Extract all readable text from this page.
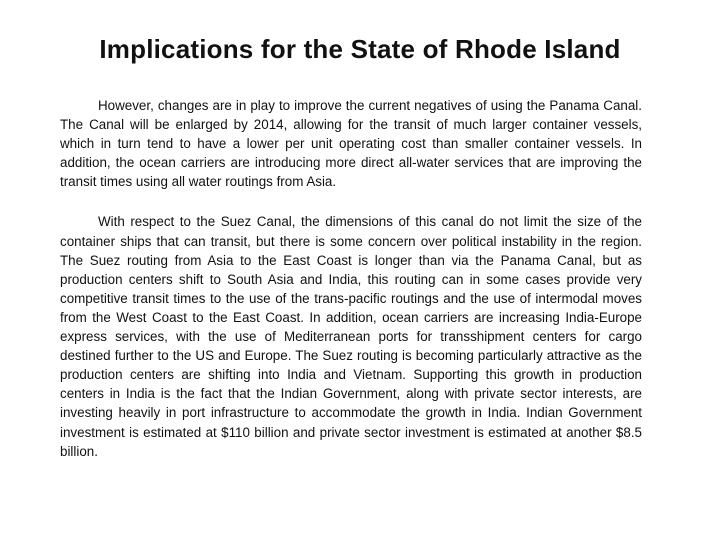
Implications for the State of Rhode Island

However, changes are in play to improve the current negatives of using the Panama Canal. The Canal will be enlarged by 2014, allowing for the transit of much larger container vessels, which in turn tend to have a lower per unit operating cost than smaller container vessels. In addition, the ocean carriers are introducing more direct all-water services that are improving the transit times using all water routings from Asia.

With respect to the Suez Canal, the dimensions of this canal do not limit the size of the container ships that can transit, but there is some concern over political instability in the region. The Suez routing from Asia to the East Coast is longer than via the Panama Canal, but as production centers shift to South Asia and India, this routing can in some cases provide very competitive transit times to the use of the trans-pacific routings and the use of intermodal moves from the West Coast to the East Coast. In addition, ocean carriers are increasing India-Europe express services, with the use of Mediterranean ports for transshipment centers for cargo destined further to the US and Europe. The Suez routing is becoming particularly attractive as the production centers are shifting into India and Vietnam. Supporting this growth in production centers in India is the fact that the Indian Government, along with private sector interests, are investing heavily in port infrastructure to accommodate the growth in India. Indian Government investment is estimated at $110 billion and private sector investment is estimated at another $8.5 billion.
